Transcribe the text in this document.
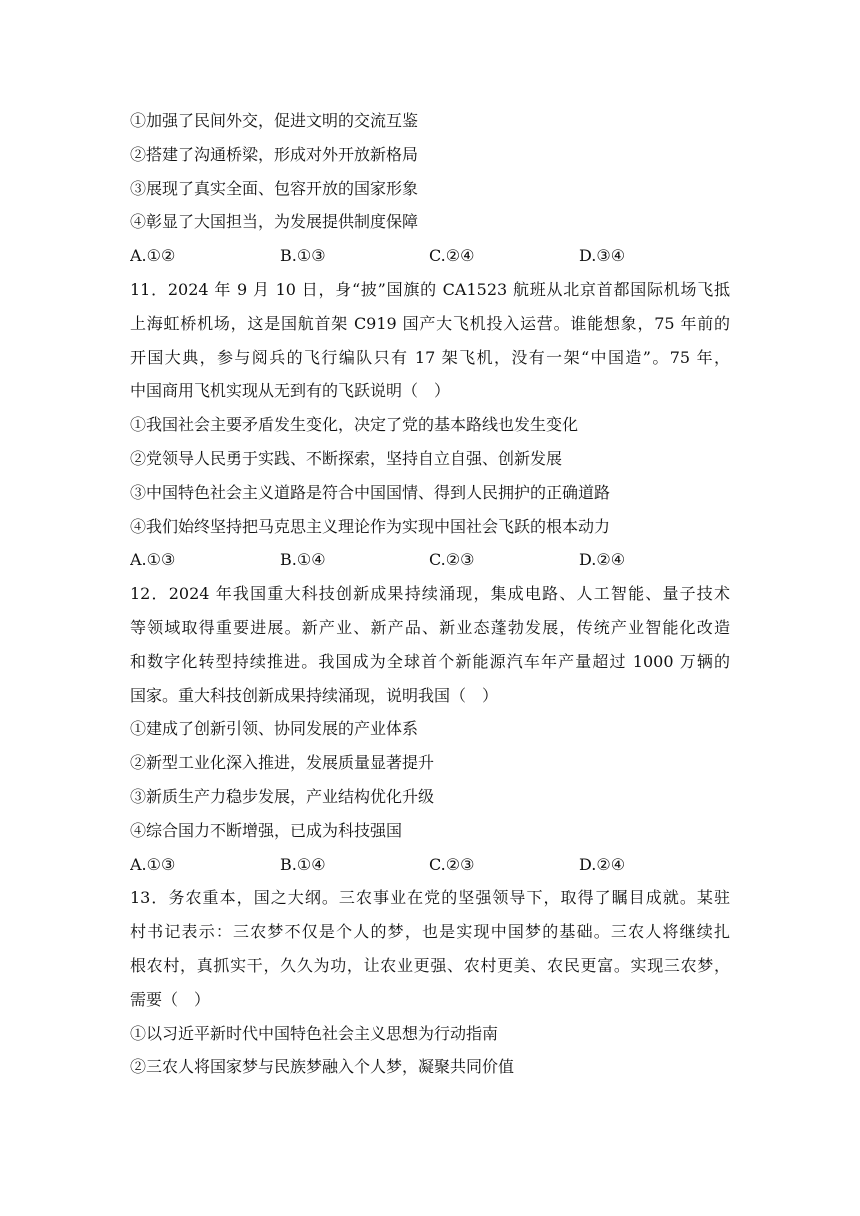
①加强了民间外交，促进文明的交流互鉴
②搭建了沟通桥梁，形成对外开放新格局
③展现了真实全面、包容开放的国家形象
④彰显了大国担当，为发展提供制度保障
A.①②	B.①③	C.②④	D.③④
11．2024 年 9 月 10 日，身“披”国旗的 CA1523 航班从北京首都国际机场飞抵
上海虹桥机场，这是国航首架 C919 国产大飞机投入运营。谁能想象，75 年前的
开国大典，参与阅兵的飞行编队只有 17 架飞机，没有一架“中国造”。75 年，
中国商用飞机实现从无到有的飞跃说明（　）
①我国社会主要矛盾发生变化，决定了党的基本路线也发生变化
②党领导人民勇于实践、不断探索，坚持自立自强、创新发展
③中国特色社会主义道路是符合中国国情、得到人民拥护的正确道路
④我们始终坚持把马克思主义理论作为实现中国社会飞跃的根本动力
A.①③	B.①④	C.②③	D.②④
12．2024 年我国重大科技创新成果持续涌现，集成电路、人工智能、量子技术
等领域取得重要进展。新产业、新产品、新业态蓬勃发展，传统产业智能化改造
和数字化转型持续推进。我国成为全球首个新能源汽车年产量超过 1000 万辆的
国家。重大科技创新成果持续涌现，说明我国（　）
①建成了创新引领、协同发展的产业体系
②新型工业化深入推进，发展质量显著提升
③新质生产力稳步发展，产业结构优化升级
④综合国力不断增强，已成为科技强国
A.①③	B.①④	C.②③	D.②④
13．务农重本，国之大纲。三农事业在党的坚强领导下，取得了瞩目成就。某驻
村书记表示：三农梦不仅是个人的梦，也是实现中国梦的基础。三农人将继续扎
根农村，真抓实干，久久为功，让农业更强、农村更美、农民更富。实现三农梦，
需要（　）
①以习近平新时代中国特色社会主义思想为行动指南
②三农人将国家梦与民族梦融入个人梦，凝聚共同价值
